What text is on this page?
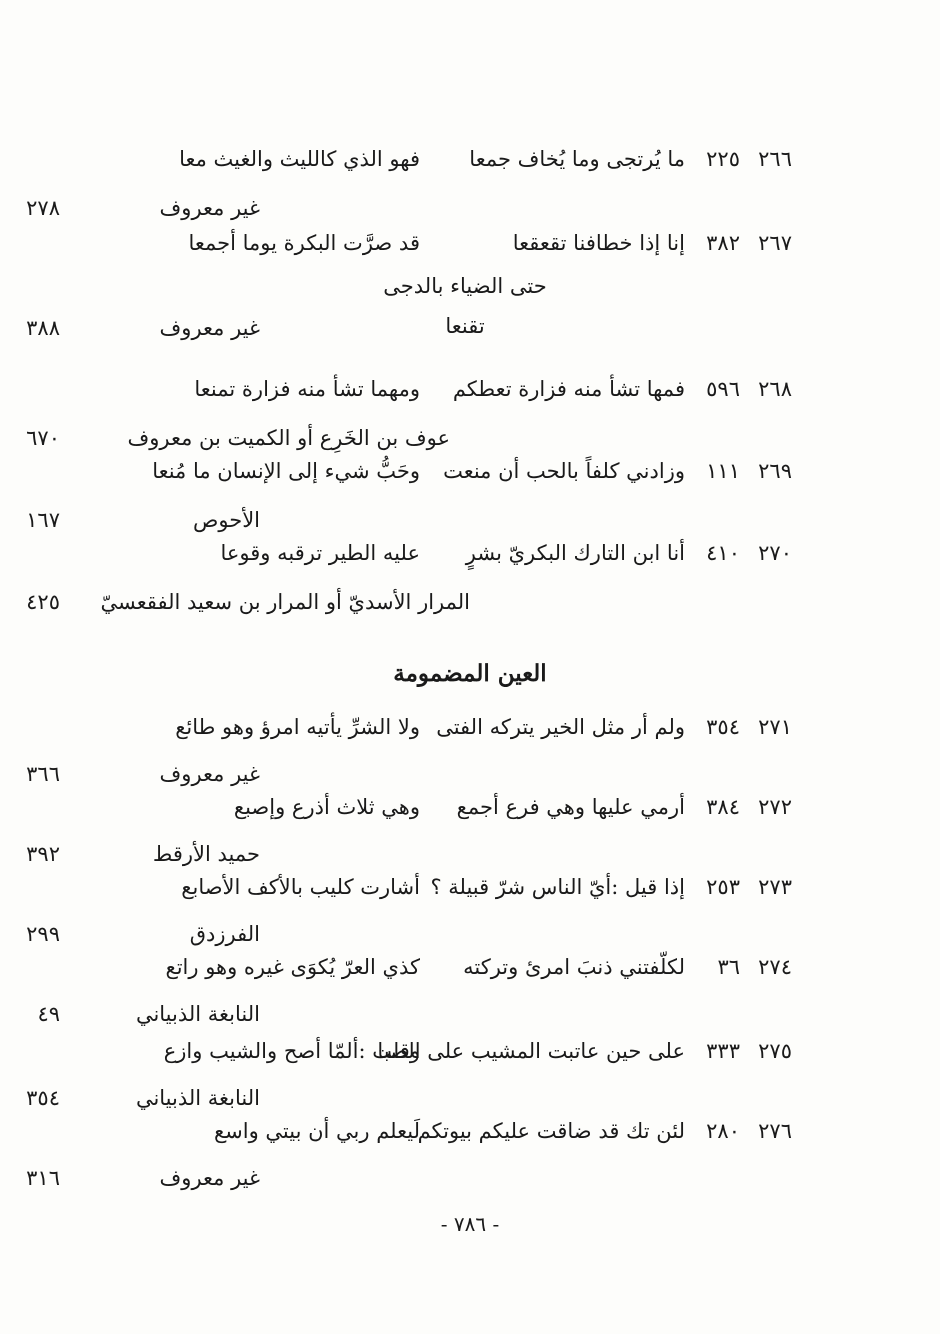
٢٦٦
٢٢٥
ما يُرتجى وما يُخاف جمعا
فهو الذي كالليث والغيث معا
غير معروف
٢٧٨
٢٦٧
٣٨٢
إنا إذا خطافنا تقعقعا
قد صرَّت البكرة يوما أجمعا
حتى الضياء بالدجى تقنعا
غير معروف
٣٨٨
٢٦٨
٥٩٦
فمها تشأ منه فزارة تعطكم
ومهما تشأ منه فزارة تمنعا
عوف بن الخَرِع أو الكميت بن معروف
٦٧٠
٢٦٩
١١١
وزادني كلفاً بالحب أن منعت
وحَبُّ شيء إلى الإنسان ما مُنعا
الأحوص
١٦٧
٢٧٠
٤١٠
أنا ابن التارك البكريّ بشرٍ
عليه الطير ترقبه وقوعا
المرار الأسديّ أو المرار بن سعيد الفقعسيّ
٤٢٥
العين المضمومة
٢٧١
٣٥٤
ولم أر مثل الخير يتركه الفتى
ولا الشرِّ يأتيه امرؤ وهو طائع
غير معروف
٣٦٦
٢٧٢
٣٨٤
أرمي عليها وهي فرع أجمع
وهي ثلاث أذرع وإصبع
حميد الأرقط
٣٩٢
٢٧٣
٢٥٣
إذا قيل :أيّ الناس شرّ قبيلة ؟
أشارت كليب بالأكف الأصابع
الفرزدق
٢٩٩
٢٧٤
٣٦
لكلّفتني ذنبَ امرئ وتركته
كذي العرّ يُكوَى غيره وهو راتع
النابغة الذبياني
٤٩
٢٧٥
٣٣٣
على حين عاتبت المشيب على الصبا
وقلت :ألمّا أصح والشيب وازع
النابغة الذبياني
٣٥٤
٢٧٦
٢٨٠
لئن تك قد ضاقت عليكم بيوتكم
لَيعلم ربي أن بيتي واسع
غير معروف
٣١٦
- ٧٨٦ -
